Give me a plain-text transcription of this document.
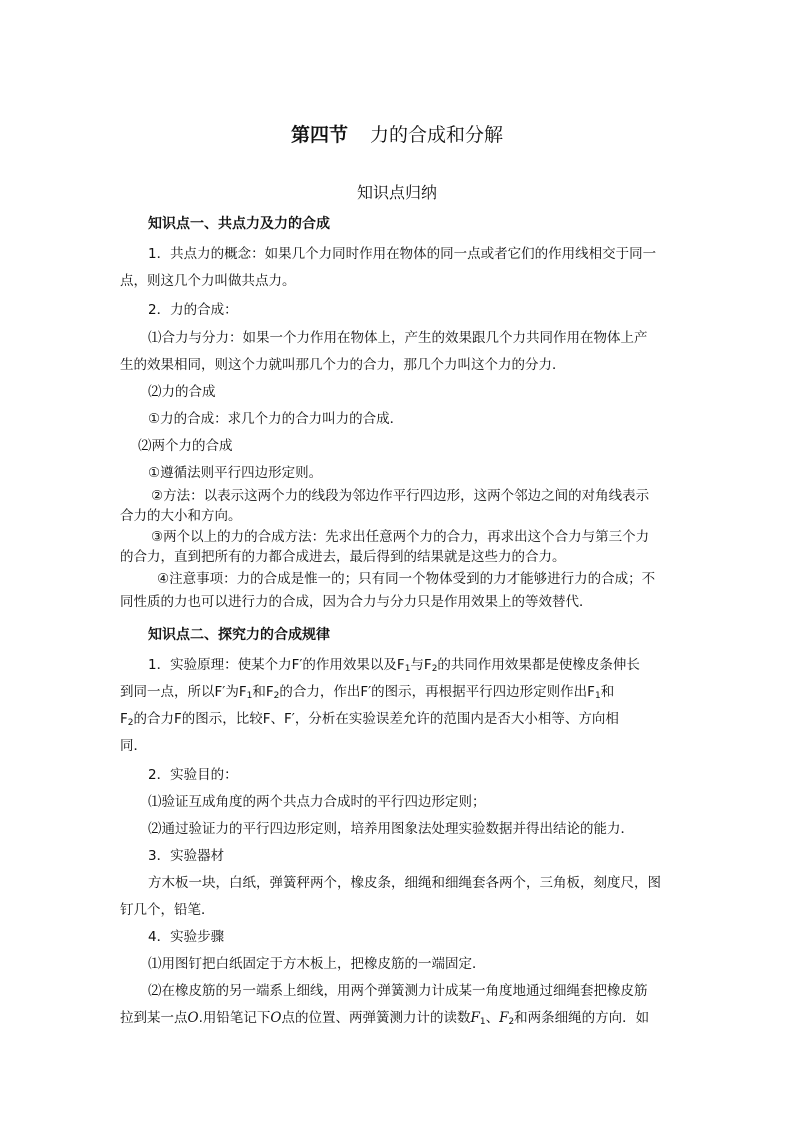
第四节 力的合成和分解
知识点归纳
知识点一、共点力及力的合成
1．共点力的概念：如果几个力同时作用在物体的同一点或者它们的作用线相交于同一
点，则这几个力叫做共点力。
2．力的合成：
⑴合力与分力：如果一个力作用在物体上，产生的效果跟几个力共同作用在物体上产
生的效果相同，则这个力就叫那几个力的合力，那几个力叫这个力的分力．
⑵力的合成
①力的合成：求几个力的合力叫力的合成．
⑵两个力的合成
①遵循法则平行四边形定则。
②方法：以表示这两个力的线段为邻边作平行四边形，这两个邻边之间的对角线表示
合力的大小和方向。
③两个以上的力的合成方法：先求出任意两个力的合力，再求出这个合力与第三个力
的合力，直到把所有的力都合成进去，最后得到的结果就是这些力的合力。
④注意事项：力的合成是惟一的；只有同一个物体受到的力才能够进行力的合成；不
同性质的力也可以进行力的合成，因为合力与分力只是作用效果上的等效替代．
知识点二、探究力的合成规律
1．实验原理：使某个力F′的作用效果以及$F_1$与$F_2$的共同作用效果都是使橡皮条伸长
到同一点，所以F′为$F_1$和$F_2$的合力，作出F′的图示，再根据平行四边形定则作出$F_1$和
$F_2$的合力F的图示，比较F、F′，分析在实验误差允许的范围内是否大小相等、方向相
同．
2．实验目的：
⑴验证互成角度的两个共点力合成时的平行四边形定则；
⑵通过验证力的平行四边形定则，培养用图象法处理实验数据并得出结论的能力．
3．实验器材
方木板一块，白纸，弹簧秤两个，橡皮条，细绳和细绳套各两个，三角板，刻度尺，图
钉几个，铅笔．
4．实验步骤
⑴用图钉把白纸固定于方木板上，把橡皮筋的一端固定．
⑵在橡皮筋的另一端系上细线，用两个弹簧测力计成某一角度地通过细绳套把橡皮筋
拉到某一点O.用铅笔记下O点的位置、两弹簧测力计的读数$F_1$、$F_2$和两条细绳的方向．如
